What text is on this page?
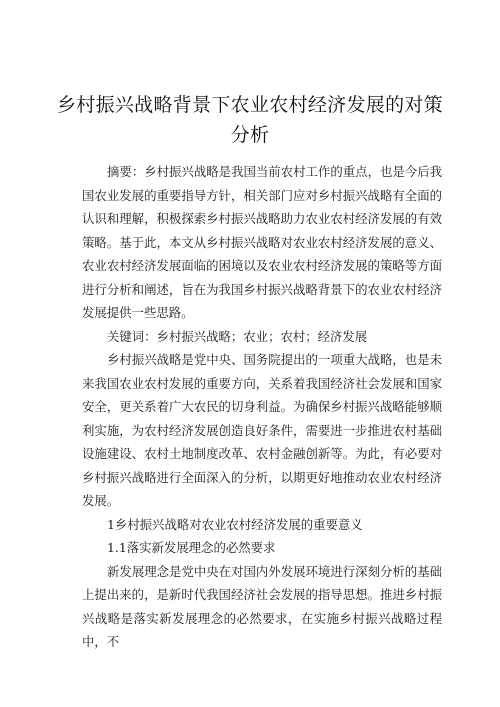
乡村振兴战略背景下农业农村经济发展的对策
分析

摘要：乡村振兴战略是我国当前农村工作的重点，也是今后我国农业发展的重要指导方针，相关部门应对乡村振兴战略有全面的认识和理解，积极探索乡村振兴战略助力农业农村经济发展的有效策略。基于此，本文从乡村振兴战略对农业农村经济发展的意义、农业农村经济发展面临的困境以及农业农村经济发展的策略等方面进行分析和阐述，旨在为我国乡村振兴战略背景下的农业农村经济发展提供一些思路。

关键词：乡村振兴战略；农业；农村；经济发展

乡村振兴战略是党中央、国务院提出的一项重大战略，也是未来我国农业农村发展的重要方向，关系着我国经济社会发展和国家安全，更关系着广大农民的切身利益。为确保乡村振兴战略能够顺利实施，为农村经济发展创造良好条件，需要进一步推进农村基础设施建设、农村土地制度改革、农村金融创新等。为此，有必要对乡村振兴战略进行全面深入的分析，以期更好地推动农业农村经济发展。

1乡村振兴战略对农业农村经济发展的重要意义

1.1落实新发展理念的必然要求

新发展理念是党中央在对国内外发展环境进行深刻分析的基础上提出来的，是新时代我国经济社会发展的指导思想。推进乡村振兴战略是落实新发展理念的必然要求，在实施乡村振兴战略过程中，不
